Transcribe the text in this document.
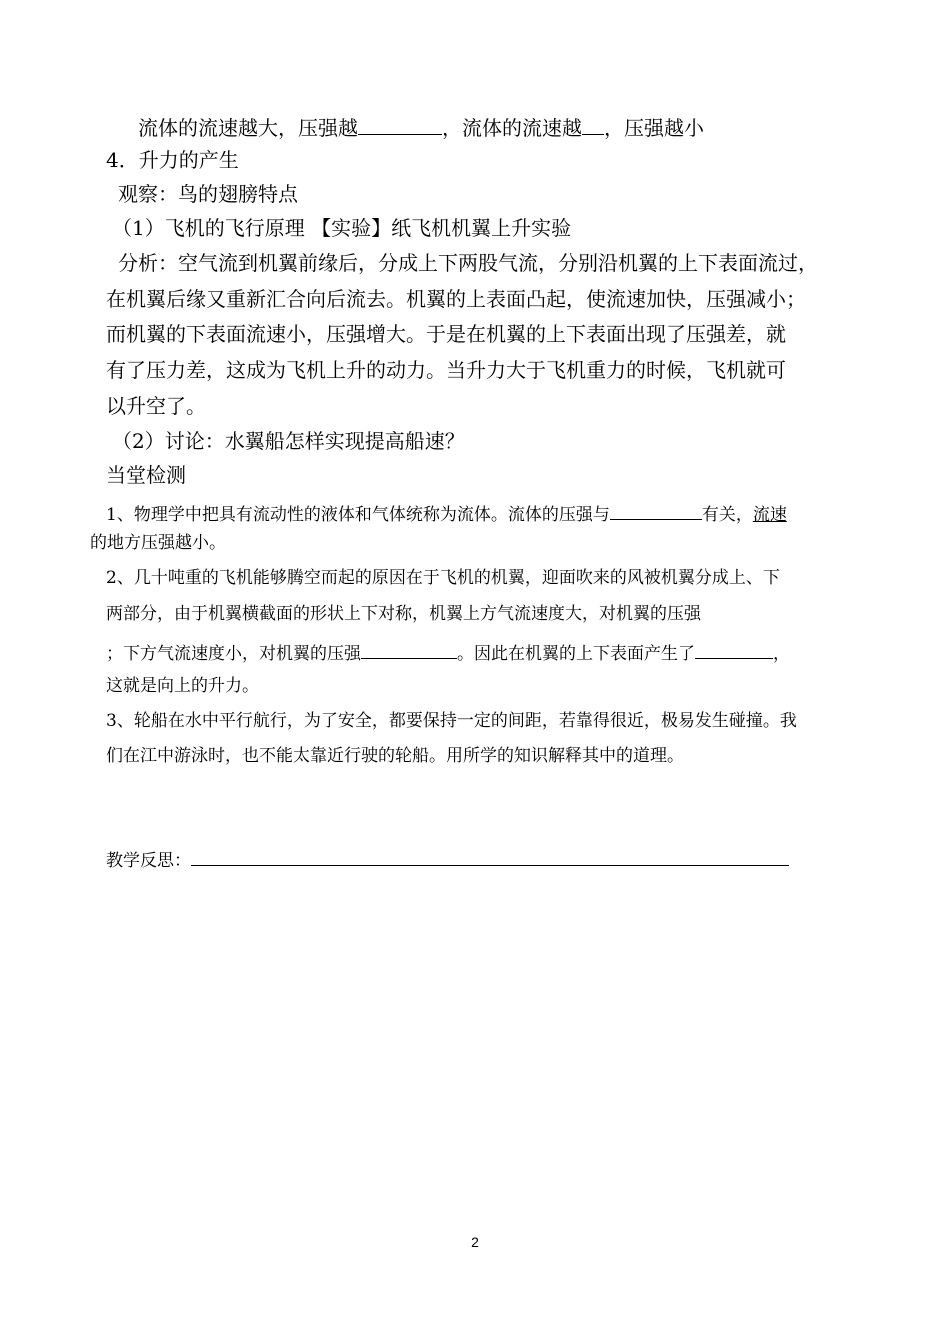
流体的流速越大，压强越	，流体的流速越 ，压强越小
4．升力的产生
观察：鸟的翅膀特点
（1）飞机的飞行原理 【实验】纸飞机机翼上升实验
分析：空气流到机翼前缘后，分成上下两股气流，分别沿机翼的上下表面流过，
在机翼后缘又重新汇合向后流去。机翼的上表面凸起，使流速加快，压强减小；
而机翼的下表面流速小，压强增大。于是在机翼的上下表面出现了压强差，就
有了压力差，这成为飞机上升的动力。当升力大于飞机重力的时候，飞机就可
以升空了。
（2）讨论：水翼船怎样实现提高船速？
当堂检测
1、物理学中把具有流动性的液体和气体统称为流体。流体的压强与	有关，流速
的地方压强越小。
2、几十吨重的飞机能够腾空而起的原因在于飞机的机翼，迎面吹来的风被机翼分成上、下
两部分，由于机翼横截面的形状上下对称，机翼上方气流速度大，对机翼的压强
；下方气流速度小，对机翼的压强	。因此在机翼的上下表面产生了	，
这就是向上的升力。
3、轮船在水中平行航行，为了安全，都要保持一定的间距，若靠得很近，极易发生碰撞。我
们在江中游泳时，也不能太靠近行驶的轮船。用所学的知识解释其中的道理。
教学反思：
2
